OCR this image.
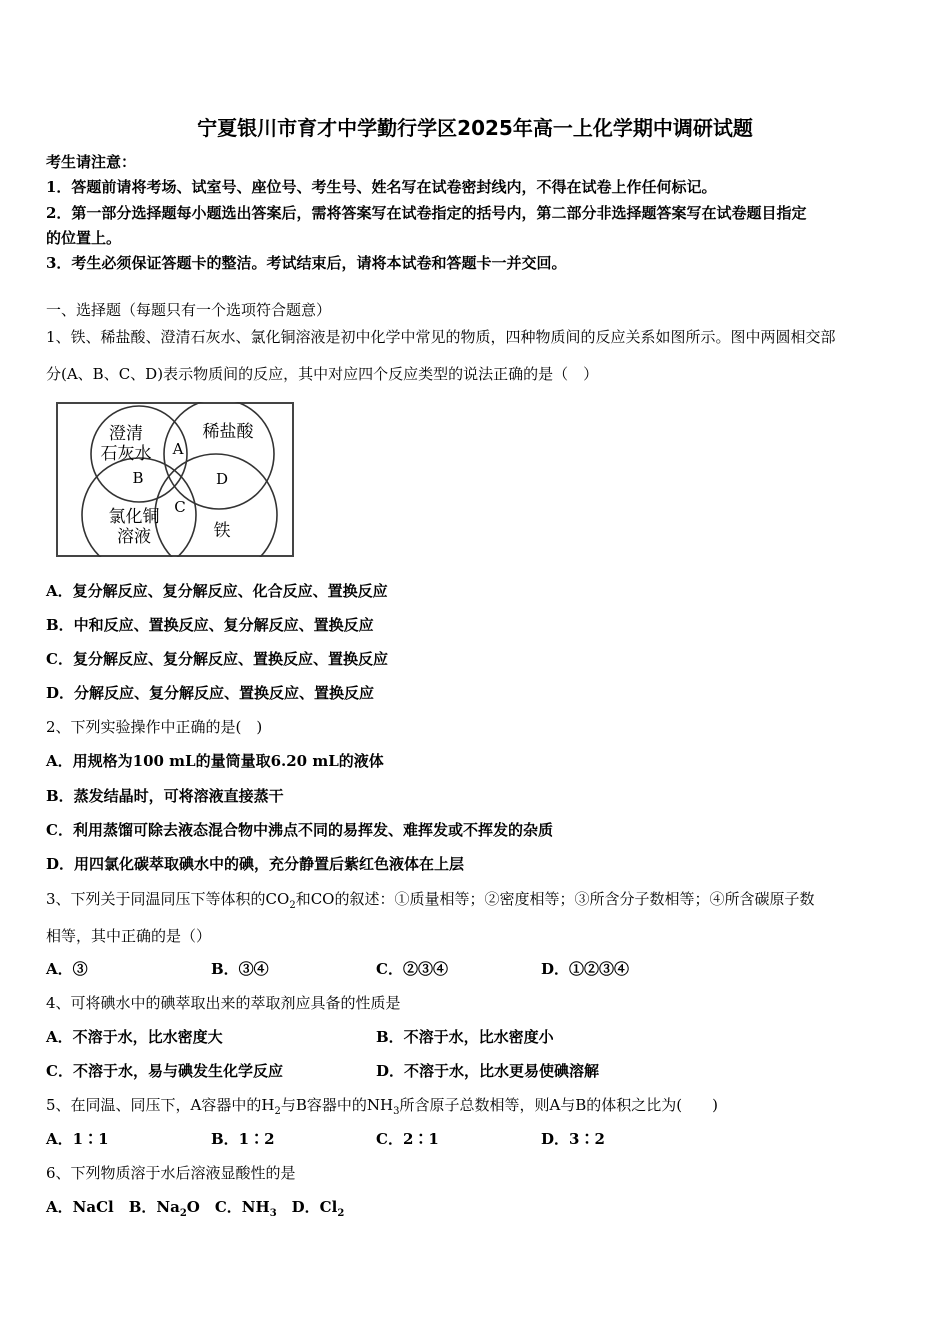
宁夏银川市育才中学勤行学区2025年高一上化学期中调研试题
考生请注意：
1．答题前请将考场、试室号、座位号、考生号、姓名写在试卷密封线内，不得在试卷上作任何标记。
2．第一部分选择题每小题选出答案后，需将答案写在试卷指定的括号内，第二部分非选择题答案写在试卷题目指定
的位置上。
3．考生必须保证答题卡的整洁。考试结束后，请将本试卷和答题卡一并交回。
一、选择题（每题只有一个选项符合题意）
1、铁、稀盐酸、澄清石灰水、氯化铜溶液是初中化学中常见的物质，四种物质间的反应关系如图所示。图中两圆相交部
分(A、B、C、D)表示物质间的反应，其中对应四个反应类型的说法正确的是（　）
澄清
石灰水
稀盐酸
氯化铜
溶液	铁
A
B
C
D
A．复分解反应、复分解反应、化合反应、置换反应
B．中和反应、置换反应、复分解反应、置换反应
C．复分解反应、复分解反应、置换反应、置换反应
D．分解反应、复分解反应、置换反应、置换反应
2、下列实验操作中正确的是(　)
A．用规格为100 mL的量筒量取6.20 mL的液体
B．蒸发结晶时，可将溶液直接蒸干
C．利用蒸馏可除去液态混合物中沸点不同的易挥发、难挥发或不挥发的杂质
D．用四氯化碳萃取碘水中的碘，充分静置后紫红色液体在上层
3、下列关于同温同压下等体积的$CO_2$和CO的叙述：①质量相等；②密度相等；③所含分子数相等；④所含碳原子数
相等，其中正确的是（）
A．③	B．③④	C．②③④	D．①②③④
4、可将碘水中的碘萃取出来的萃取剂应具备的性质是
A．不溶于水，比水密度大	B．不溶于水，比水密度小
C．不溶于水，易与碘发生化学反应	D．不溶于水，比水更易使碘溶解
5、在同温、同压下，A容器中的$H_2$与B容器中的$NH_3$所含原子总数相等，则A与B的体积之比为(　　)
A．1∶1	B．1∶2	C．2∶1	D．3∶2
6、下列物质溶于水后溶液显酸性的是
A．NaCl　B．$Na_2O$　C．$NH_3$　D．$Cl_2$
